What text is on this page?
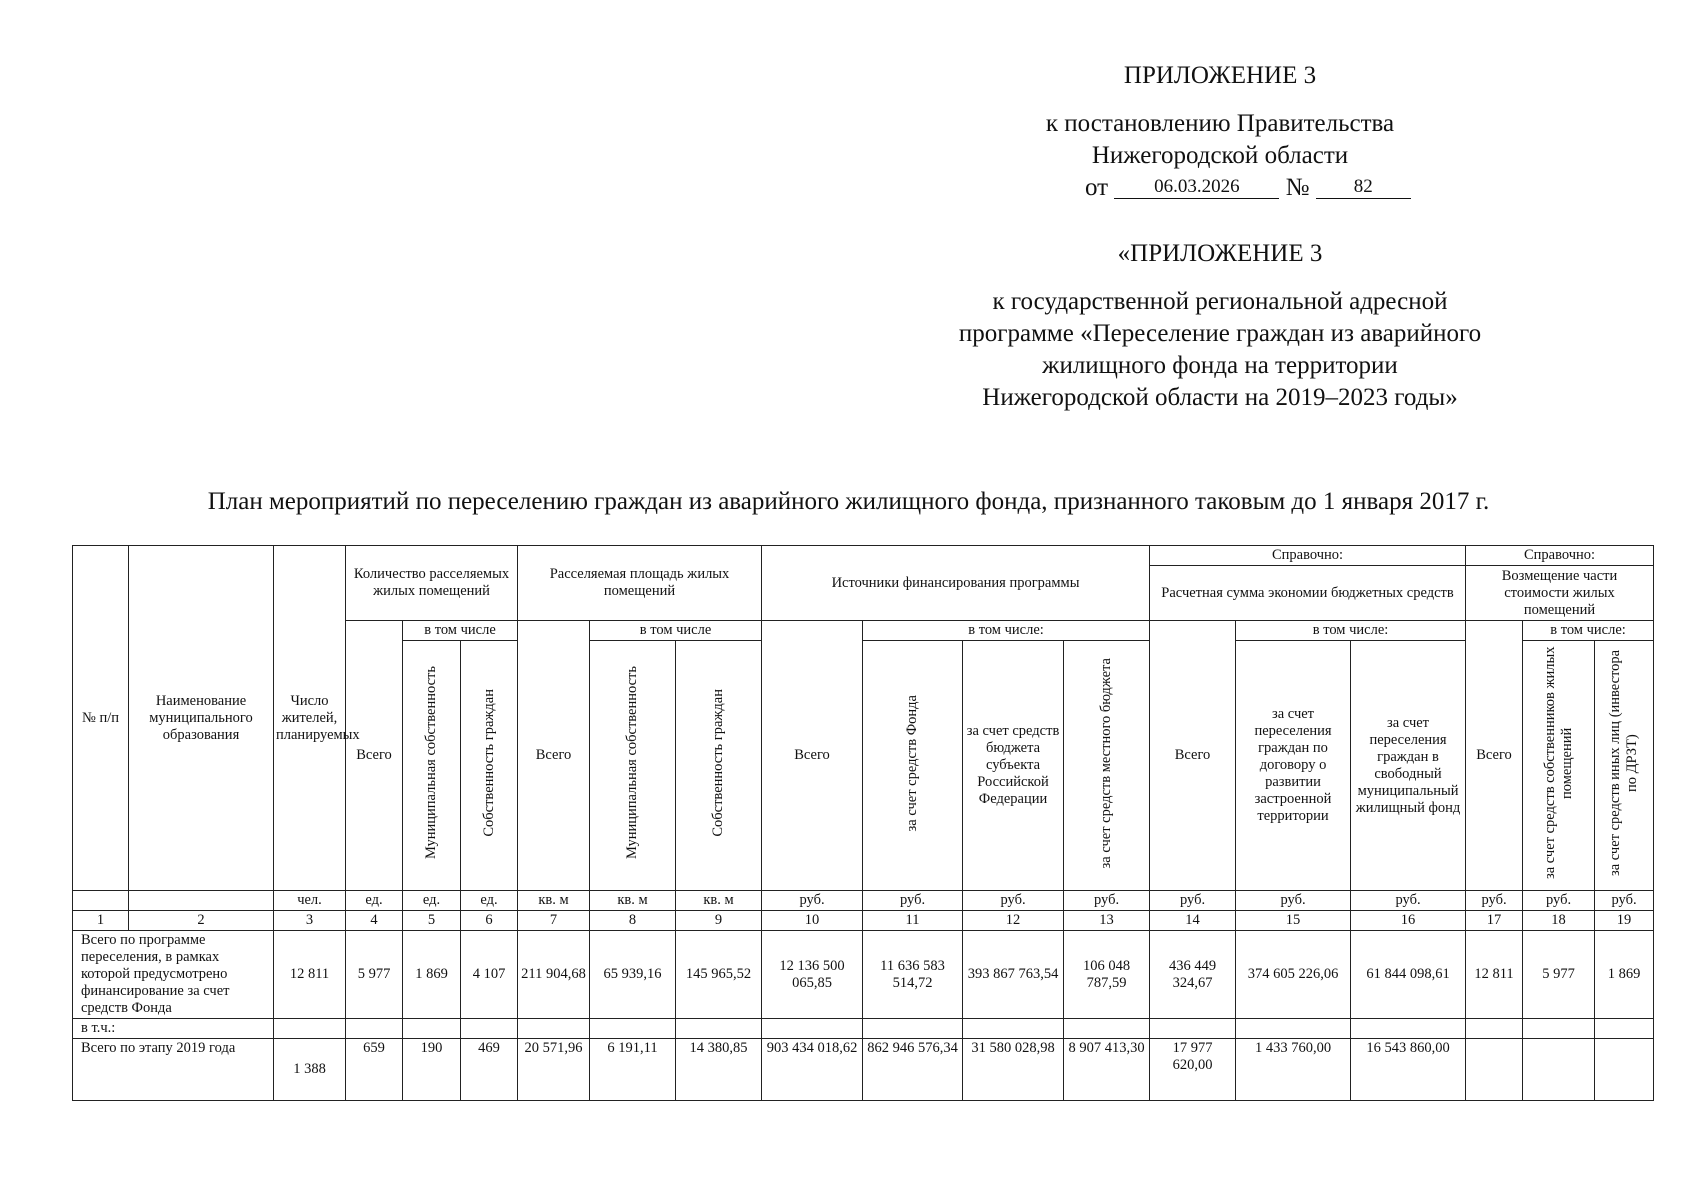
ПРИЛОЖЕНИЕ 3
к постановлению Правительства
Нижегородской области
от 06.03.2026 № 82
«ПРИЛОЖЕНИЕ 3
к государственной региональной адресной
программе «Переселение граждан из аварийного
жилищного фонда на территории
Нижегородской области на 2019–2023 годы»
План мероприятий по переселению граждан из аварийного жилищного фонда, признанного таковым до 1 января 2017 г.
№ п/п	Наименование муниципального образования	Число жителей, планируемых	Количество расселяемых жилых помещений			Расселяемая площадь жилых помещений			Источники финансирования программы				Справочно:			Справочно:		
													Расчетная сумма экономии бюджетных средств			Возмещение части стоимости жилых помещений		
			Всего	в том числе		Всего	в том числе		Всего	в том числе:			Всего	в том числе:		Всего	в том числе:	
				Муниципальная собственность	Собственность граждан		Муниципальная собственность	Собственность граждан		за счет средств Фонда	за счет средств бюджета субъекта Российской Федерации	за счет средств местного бюджета		за счет переселения граждан по договору о развитии застроенной территории	за счет переселения граждан в свободный муниципальный жилищный фонд		за счет средств собственников жилых помещений	за счет средств иных лиц (инвестора по ДРЗТ)
		чел.	ед.	ед.	ед.	кв. м	кв. м	кв. м	руб.	руб.	руб.	руб.	руб.	руб.	руб.	руб.	руб.	руб.
1	2	3	4	5	6	7	8	9	10	11	12	13	14	15	16	17	18	19
Всего по программе переселения, в рамках которой предусмотрено финансирование за счет средств Фонда		12 811	5 977	1 869	4 107	211 904,68	65 939,16	145 965,52	12 136 500 065,85	11 636 583 514,72	393 867 763,54	106 048 787,59	436 449 324,67	374 605 226,06	61 844 098,61	12 811	5 977	1 869
в т.ч.:																		
Всего по этапу 2019 года		1 388	659	190	469	20 571,96	6 191,11	14 380,85	903 434 018,62	862 946 576,34	31 580 028,98	8 907 413,30	17 977 620,00	1 433 760,00	16 543 860,00			
